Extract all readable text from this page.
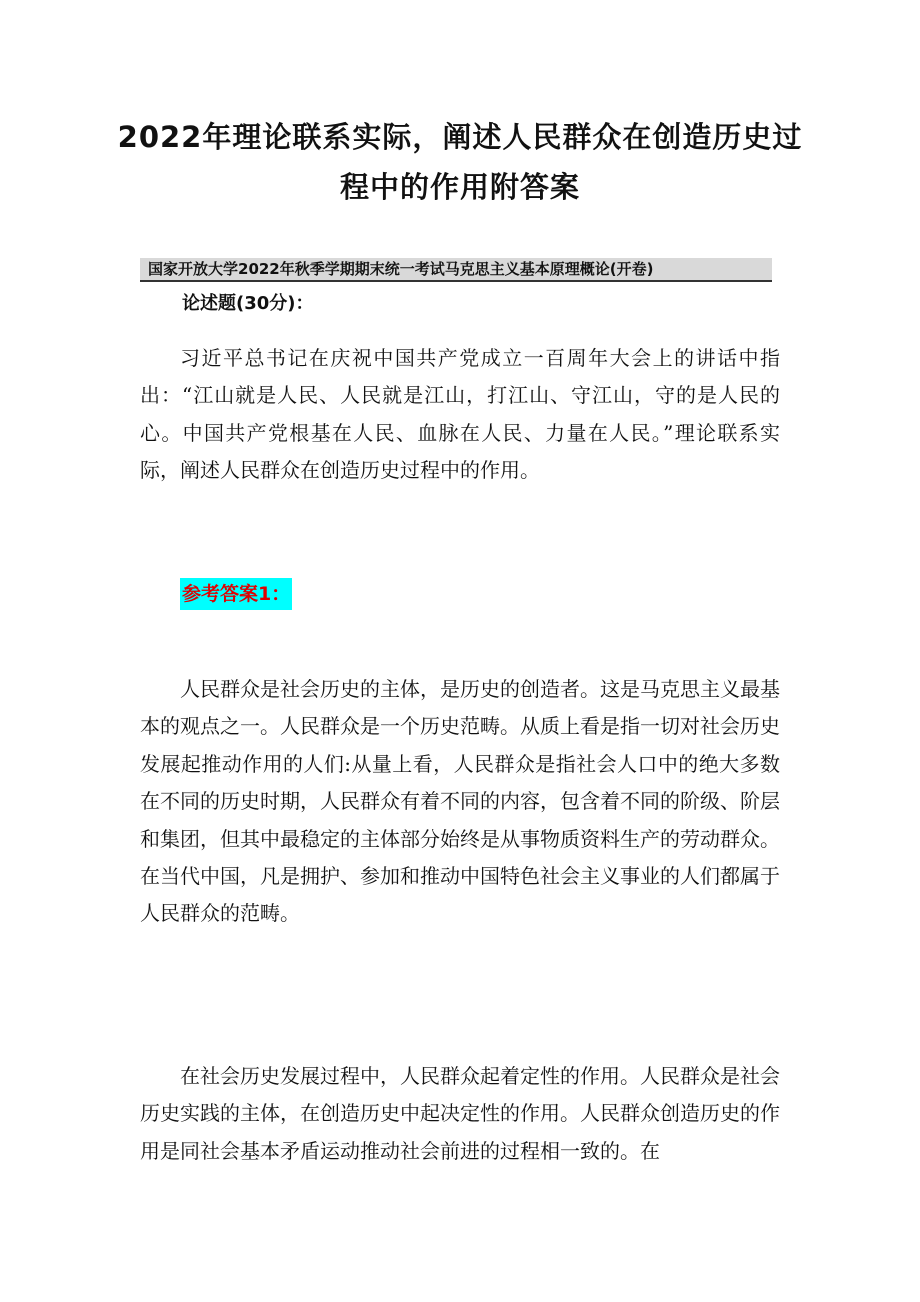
2022年理论联系实际，阐述人民群众在创造历史过程中的作用附答案
国家开放大学2022年秋季学期期末统一考试马克思主义基本原理概论(开卷)
论述题(30分)：

习近平总书记在庆祝中国共产党成立一百周年大会上的讲话中指出：“江山就是人民、人民就是江山，打江山、守江山，守的是人民的心。中国共产党根基在人民、血脉在人民、力量在人民。”理论联系实际，阐述人民群众在创造历史过程中的作用。

参考答案1：

人民群众是社会历史的主体，是历史的创造者。这是马克思主义最基本的观点之一。人民群众是一个历史范畴。从质上看是指一切对社会历史发展起推动作用的人们:从量上看，人民群众是指社会人口中的绝大多数在不同的历史时期，人民群众有着不同的内容，包含着不同的阶级、阶层和集团，但其中最稳定的主体部分始终是从事物质资料生产的劳动群众。在当代中国，凡是拥护、参加和推动中国特色社会主义事业的人们都属于人民群众的范畴。

在社会历史发展过程中，人民群众起着定性的作用。人民群众是社会历史实践的主体，在创造历史中起决定性的作用。人民群众创造历史的作用是同社会基本矛盾运动推动社会前进的过程相一致的。在
